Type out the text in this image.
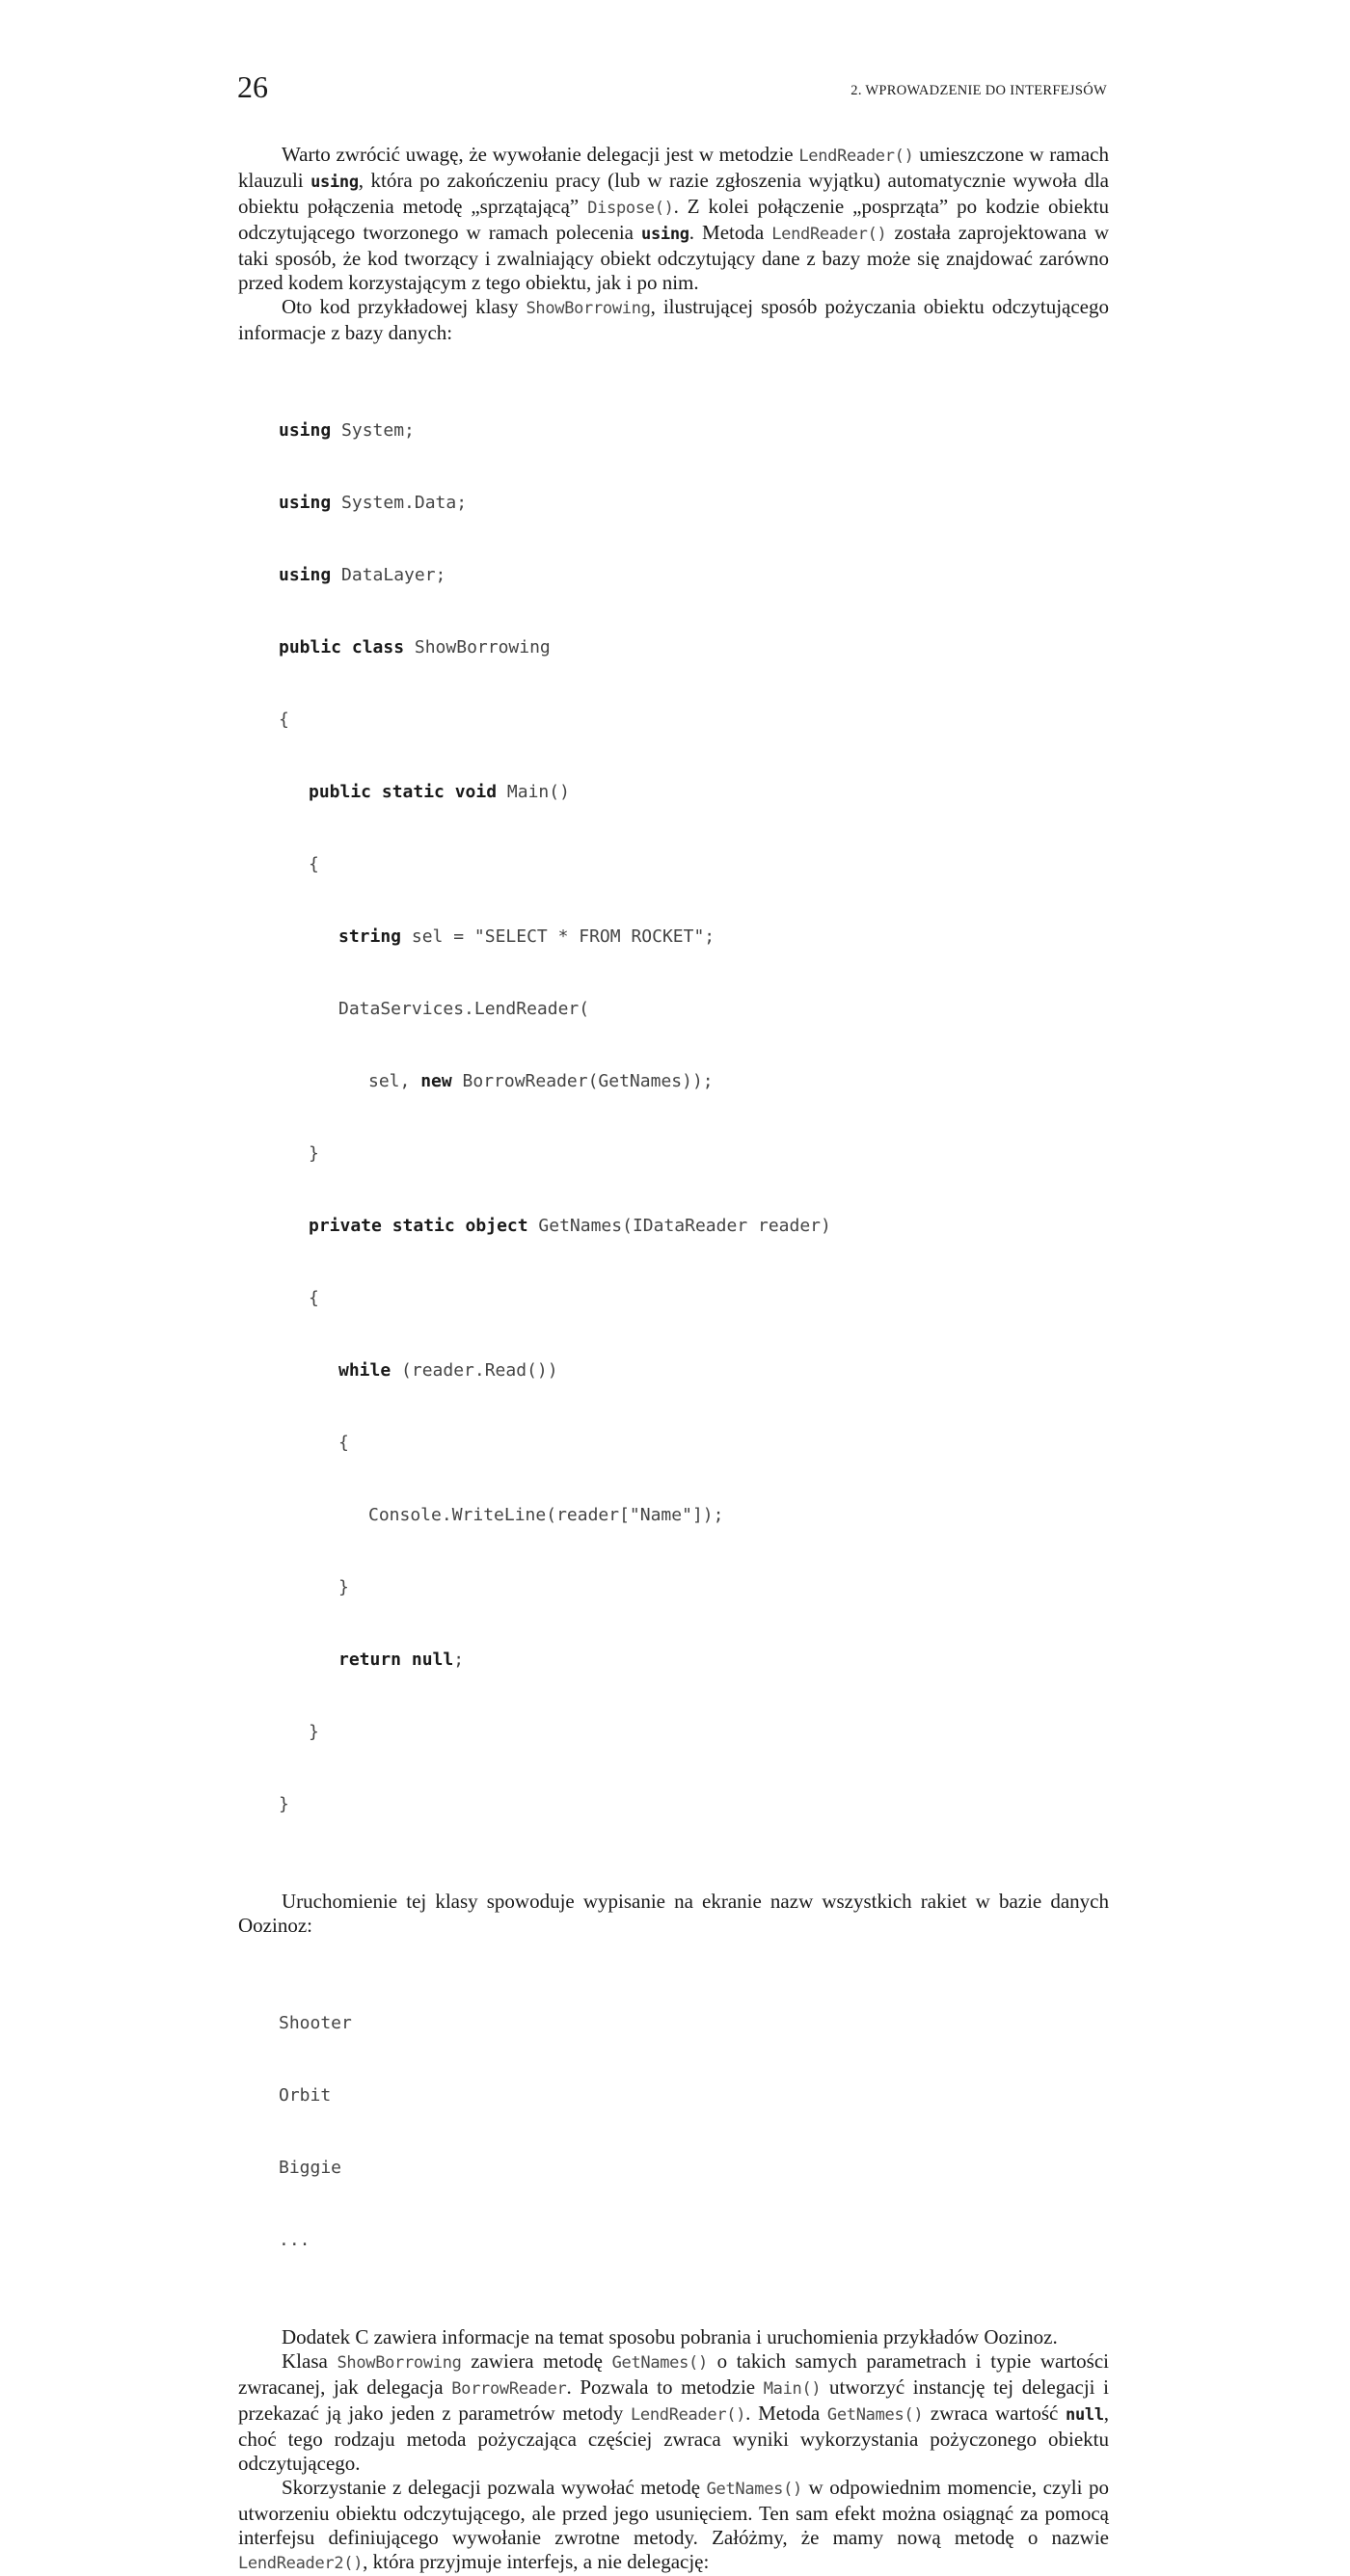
26	2. WPROWADZENIE DO INTERFEJSÓW

Warto zwrócić uwagę, że wywołanie delegacji jest w metodzie LendReader() umieszczone w ramach klauzuli using, która po zakończeniu pracy (lub w razie zgłoszenia wyjątku) automatycznie wywoła dla obiektu połączenia metodę „sprzątającą” Dispose(). Z kolei połączenie „posprząta” po kodzie obiektu odczytującego tworzonego w ramach polecenia using. Metoda LendReader() została zaprojektowana w taki sposób, że kod tworzący i zwalniający obiekt odczytujący dane z bazy może się znajdować zarówno przed kodem korzystającym z tego obiektu, jak i po nim.

Oto kod przykładowej klasy ShowBorrowing, ilustrującej sposób pożyczania obiektu odczytującego informacje z bazy danych:

using System;

using System.Data;

using DataLayer;

public class ShowBorrowing

{

public static void Main()

{

string sel = "SELECT * FROM ROCKET";

DataServices.LendReader(

sel, new BorrowReader(GetNames));

}

private static object GetNames(IDataReader reader)

{

while (reader.Read())

{

Console.WriteLine(reader["Name"]);

}

return null;

}

}

Uruchomienie tej klasy spowoduje wypisanie na ekranie nazw wszystkich rakiet w bazie danych Oozinoz:

Shooter

Orbit

Biggie

...

Dodatek C zawiera informacje na temat sposobu pobrania i uruchomienia przykładów Oozinoz.

Klasa ShowBorrowing zawiera metodę GetNames() o takich samych parametrach i typie wartości zwracanej, jak delegacja BorrowReader. Pozwala to metodzie Main() utworzyć instancję tej delegacji i przekazać ją jako jeden z parametrów metody LendReader(). Metoda GetNames() zwraca wartość null, choć tego rodzaju metoda pożyczająca częściej zwraca wyniki wykorzystania pożyczonego obiektu odczytującego.

Skorzystanie z delegacji pozwala wywołać metodę GetNames() w odpowiednim momencie, czyli po utworzeniu obiektu odczytującego, ale przed jego usunięciem. Ten sam efekt można osiągnąć za pomocą interfejsu definiującego wywołanie zwrotne metody. Załóżmy, że mamy nową metodę o nazwie LendReader2(), która przyjmuje interfejs, a nie delegację:
